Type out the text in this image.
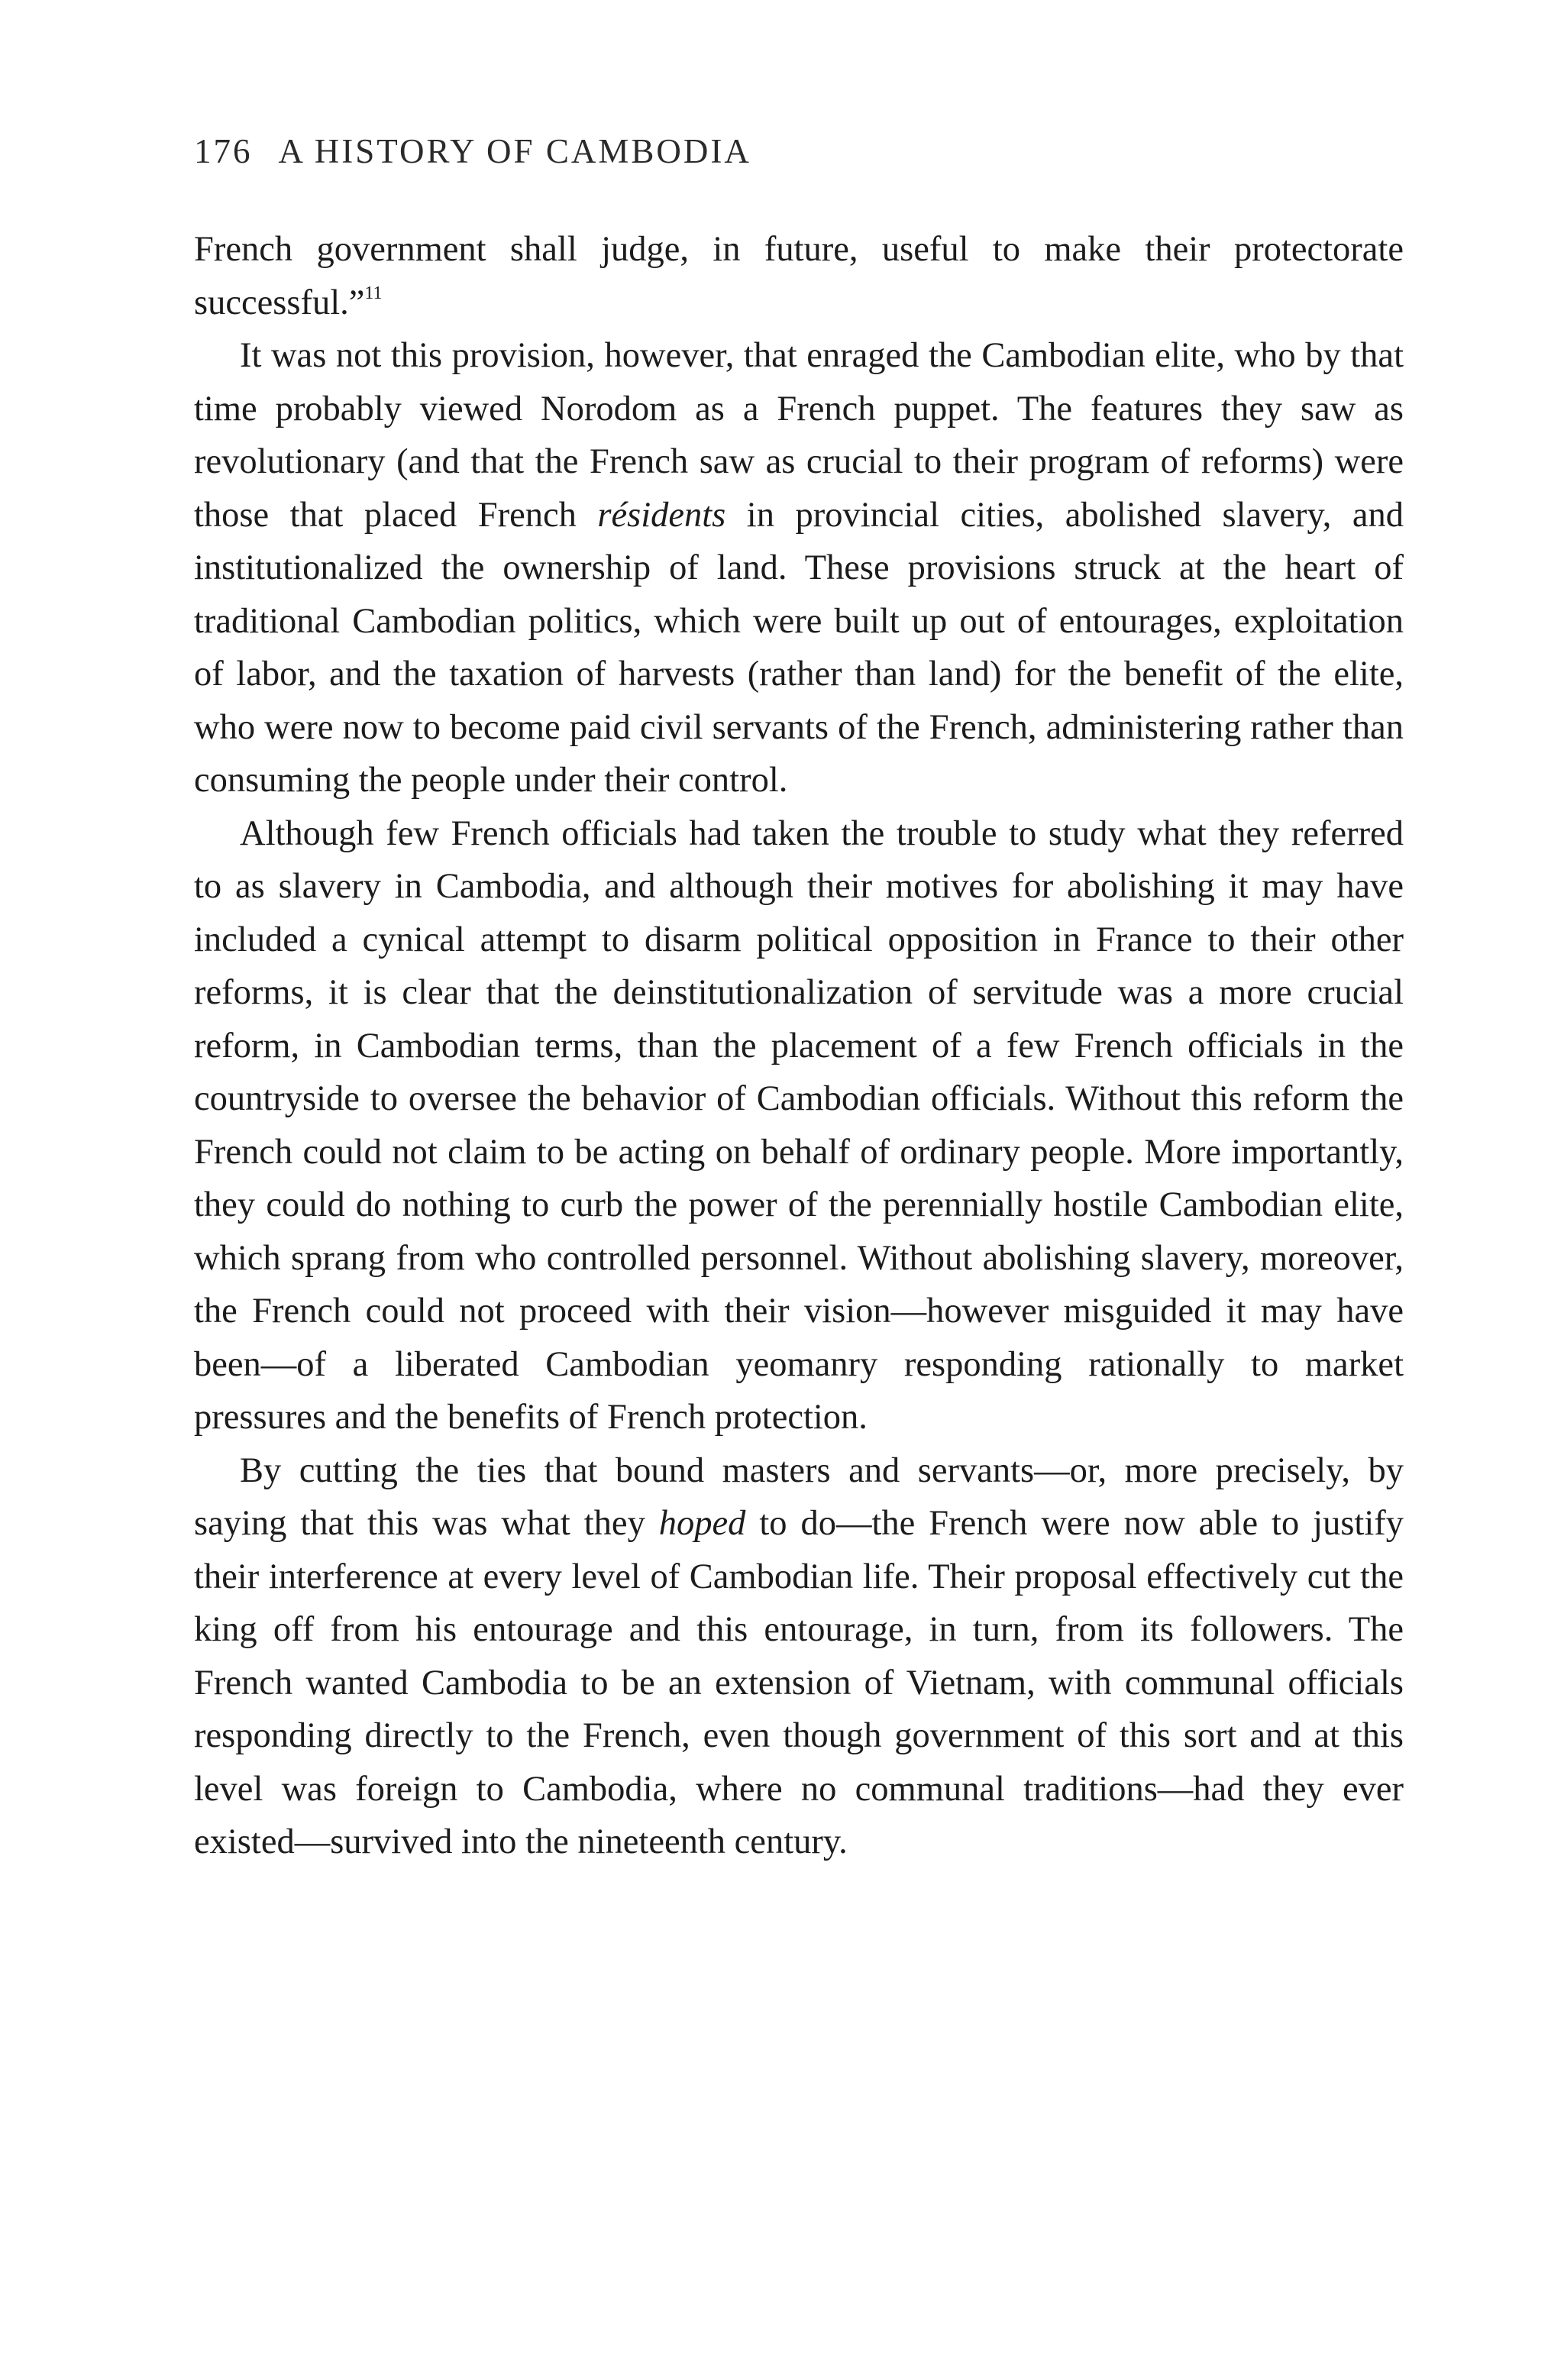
176 A HISTORY OF CAMBODIA

French government shall judge, in future, useful to make their protectorate successful.”$^{11}$

It was not this provision, however, that enraged the Cambodian elite, who by that time probably viewed Norodom as a French puppet. The features they saw as revolutionary (and that the French saw as crucial to their program of reforms) were those that placed French résidents in provincial cities, abolished slavery, and institutionalized the ownership of land. These provisions struck at the heart of traditional Cambodian politics, which were built up out of entourages, exploitation of labor, and the taxation of harvests (rather than land) for the benefit of the elite, who were now to become paid civil servants of the French, administering rather than consuming the people under their control.

Although few French officials had taken the trouble to study what they referred to as slavery in Cambodia, and although their motives for abolishing it may have included a cynical attempt to disarm political opposition in France to their other reforms, it is clear that the deinstitutionalization of servitude was a more crucial reform, in Cambodian terms, than the placement of a few French officials in the countryside to oversee the behavior of Cambodian officials. Without this reform the French could not claim to be acting on behalf of ordinary people. More importantly, they could do nothing to curb the power of the perennially hostile Cambodian elite, which sprang from who controlled personnel. Without abolishing slavery, moreover, the French could not proceed with their vision—however misguided it may have been—of a liberated Cambodian yeomanry responding rationally to market pressures and the benefits of French protection.

By cutting the ties that bound masters and servants—or, more precisely, by saying that this was what they hoped to do—the French were now able to justify their interference at every level of Cambodian life. Their proposal effectively cut the king off from his entourage and this entourage, in turn, from its followers. The French wanted Cambodia to be an extension of Vietnam, with communal officials responding directly to the French, even though government of this sort and at this level was foreign to Cambodia, where no communal traditions—had they ever existed—survived into the nineteenth century.
